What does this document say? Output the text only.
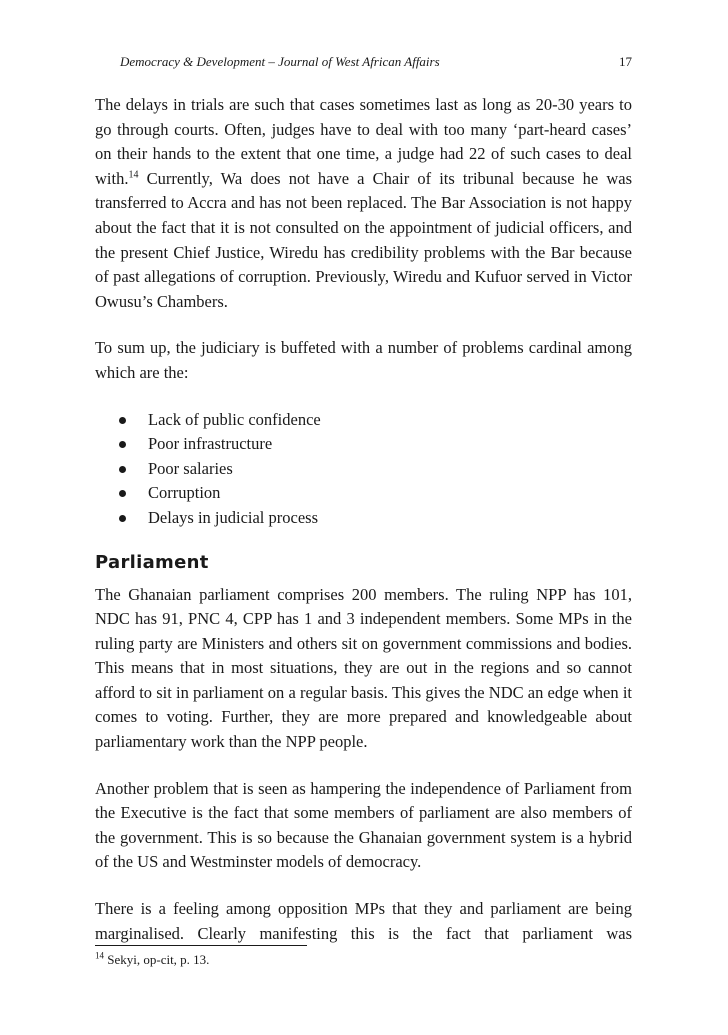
Democracy & Development – Journal of West African Affairs	17

The delays in trials are such that cases sometimes last as long as 20-30 years to go through courts. Often, judges have to deal with too many ‘part-heard cases’ on their hands to the extent that one time, a judge had 22 of such cases to deal with.$^{14}$ Currently, Wa does not have a Chair of its tribunal because he was transferred to Accra and has not been replaced. The Bar Association is not happy about the fact that it is not consulted on the appointment of judicial officers, and the present Chief Justice, Wiredu has credibility problems with the Bar because of past allegations of corruption. Previously, Wiredu and Kufuor served in Victor Owusu’s Chambers.

To sum up, the judiciary is buffeted with a number of problems cardinal among which are the:

Lack of public confidence
Poor infrastructure
Poor salaries
Corruption
Delays in judicial process
Parliament

The Ghanaian parliament comprises 200 members. The ruling NPP has 101, NDC has 91, PNC 4, CPP has 1 and 3 independent members. Some MPs in the ruling party are Ministers and others sit on government commissions and bodies. This means that in most situations, they are out in the regions and so cannot afford to sit in parliament on a regular basis. This gives the NDC an edge when it comes to voting. Further, they are more prepared and knowledgeable about parliamentary work than the NPP people.

Another problem that is seen as hampering the independence of Parliament from the Executive is the fact that some members of parliament are also members of the government. This is so because the Ghanaian government system is a hybrid of the US and Westminster models of democracy.

There is a feeling among opposition MPs that they and parliament are being marginalised. Clearly manifesting this is the fact that parliament was

$^{14}$ Sekyi, op-cit, p. 13.
